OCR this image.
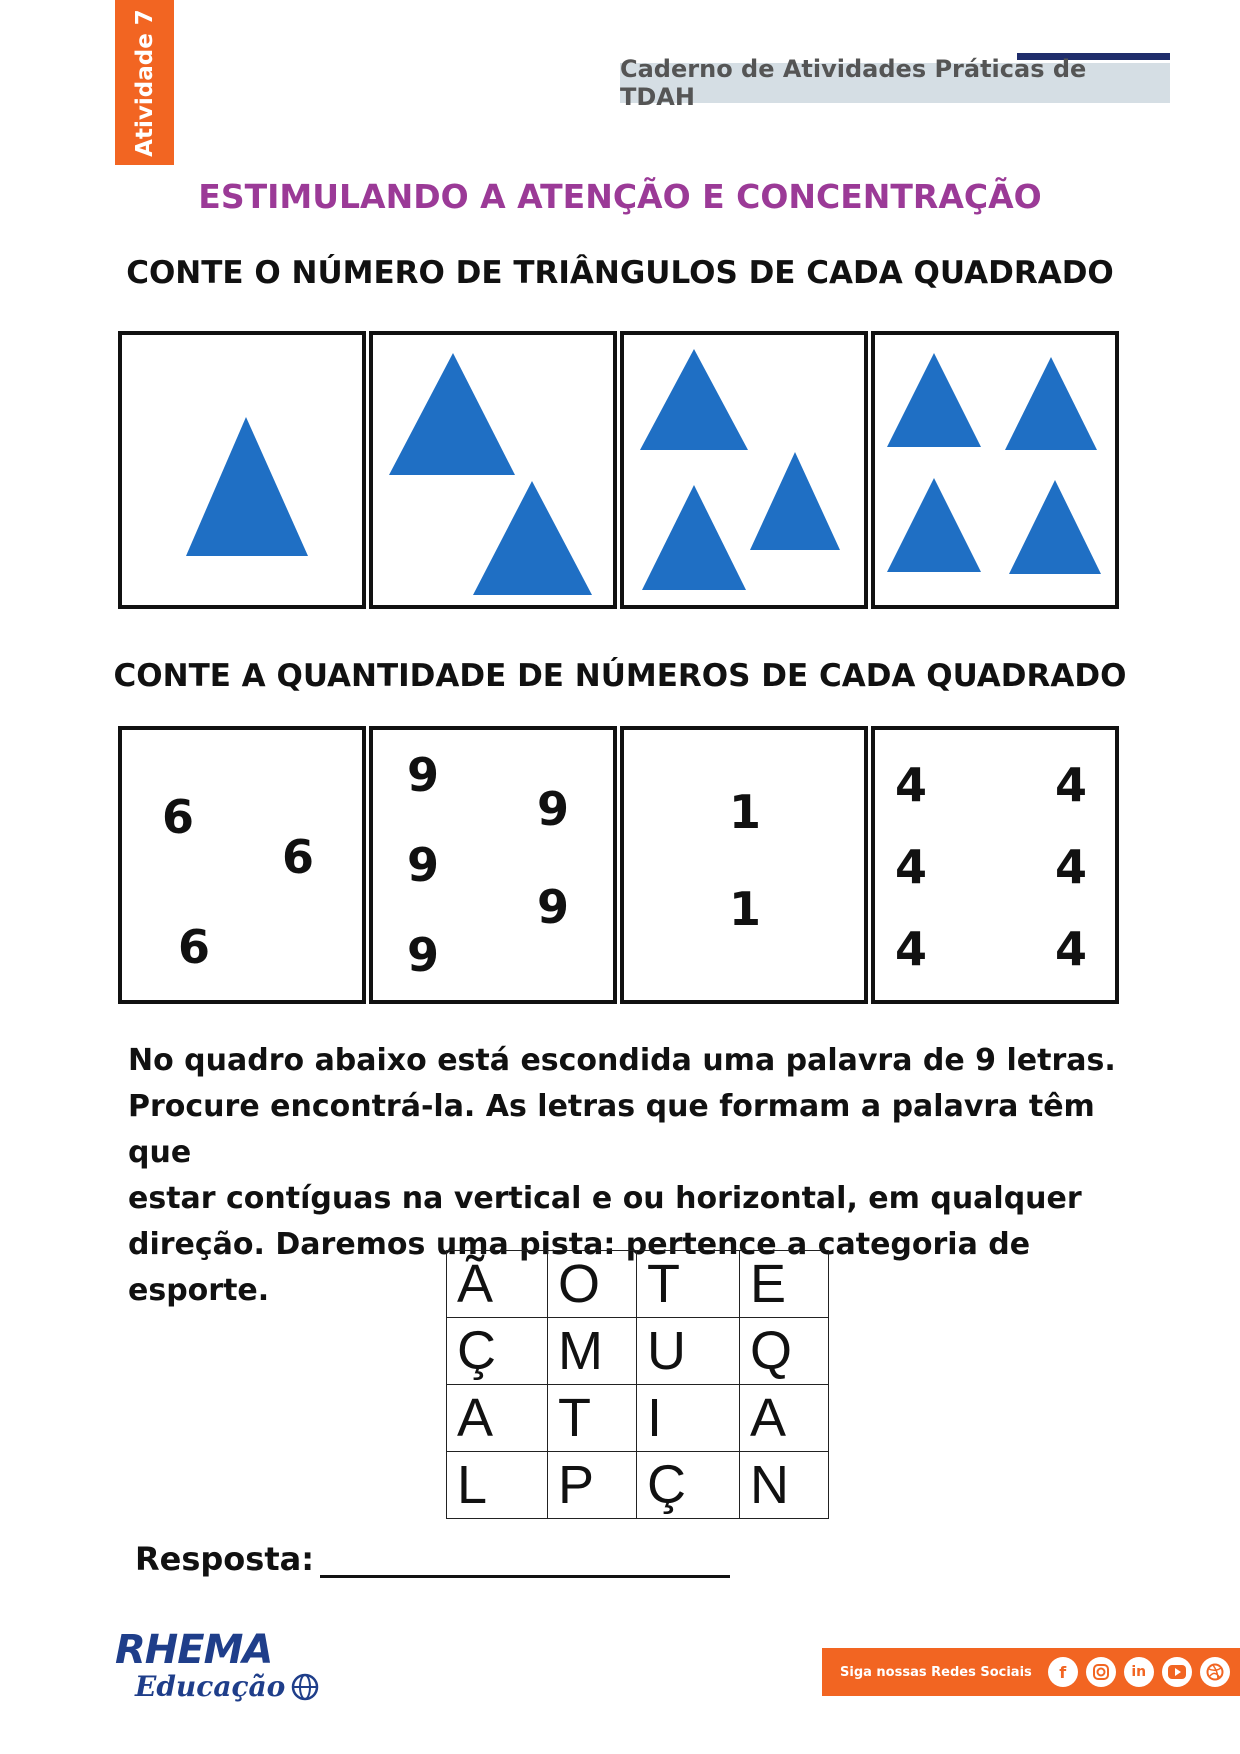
Atividade 7	Caderno de Atividades Práticas de TDAH
ESTIMULANDO A ATENÇÃO E CONCENTRAÇÃO
CONTE O NÚMERO DE TRIÂNGULOS DE CADA QUADRADO
CONTE A QUANTIDADE DE NÚMEROS DE CADA QUADRADO
6
6
6
9
9
9
9
9
1
1
4	4
4	4
4	4
No quadro abaixo está escondida uma palavra de 9 letras.
Procure encontrá-la. As letras que formam a palavra têm que
estar contíguas na vertical e ou horizontal, em qualquer
direção. Daremos uma pista: pertence a categoria de esporte.	Ã	O	T	E
Ç	M	U	Q
A	T	I	A
L	P	Ç	N
Resposta:
RHEMA
Educação	Siga nossas Redes Sociais	f	in
